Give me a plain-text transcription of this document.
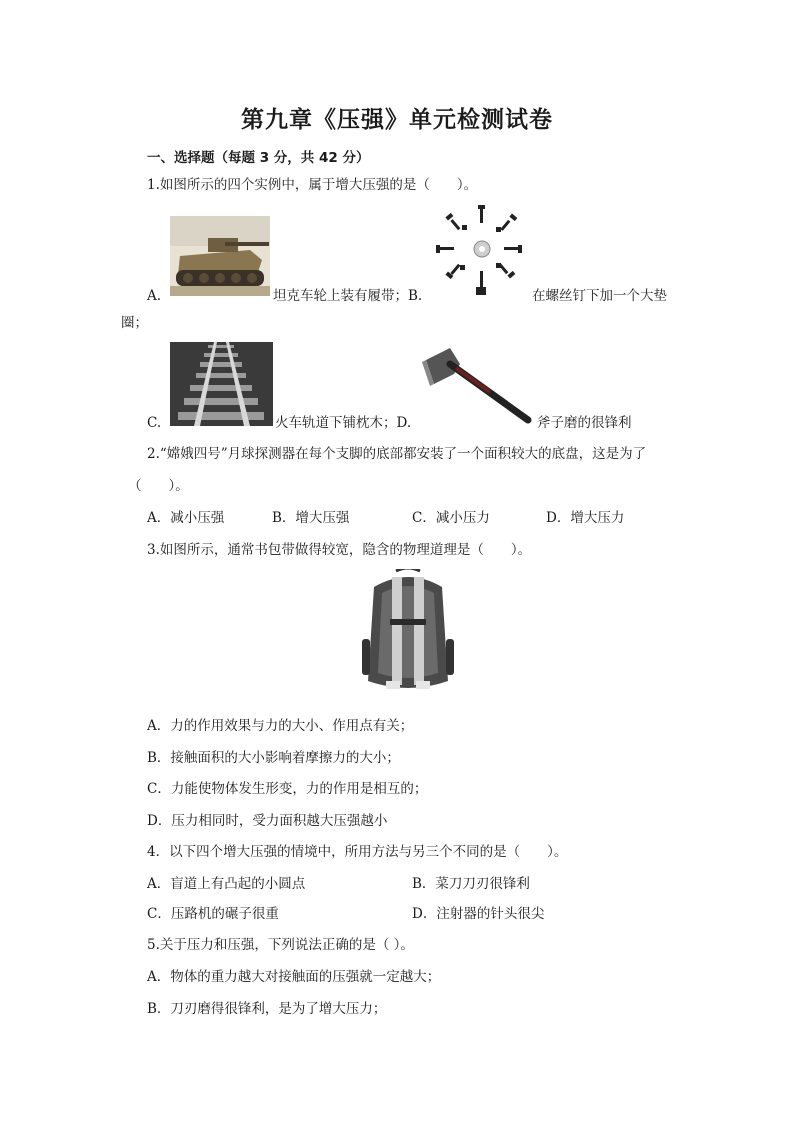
第九章《压强》单元检测试卷
一、选择题（每题 3 分，共 42 分）
1.如图所示的四个实例中，属于增大压强的是（　　）。
A.	坦克车轮上装有履带；B.	在螺丝钉下加一个大垫
圈；
C.	火车轨道下铺枕木；D.	斧子磨的很锋利
2.“嫦娥四号”月球探测器在每个支脚的底部都安装了一个面积较大的底盘，这是为了
（　　）。
A．减小压强	B．增大压强	C．减小压力	D．增大压力
3.如图所示，通常书包带做得较宽，隐含的物理道理是（　　）。
A．力的作用效果与力的大小、作用点有关；
B．接触面积的大小影响着摩擦力的大小；
C．力能使物体发生形变，力的作用是相互的；
D．压力相同时，受力面积越大压强越小
4．以下四个增大压强的情境中，所用方法与另三个不同的是（　　）。
A．盲道上有凸起的小圆点	B．菜刀刀刃很锋利
C．压路机的碾子很重	D．注射器的针头很尖
5.关于压力和压强，下列说法正确的是（ ）。
A．物体的重力越大对接触面的压强就一定越大；
B．刀刃磨得很锋利，是为了增大压力；
